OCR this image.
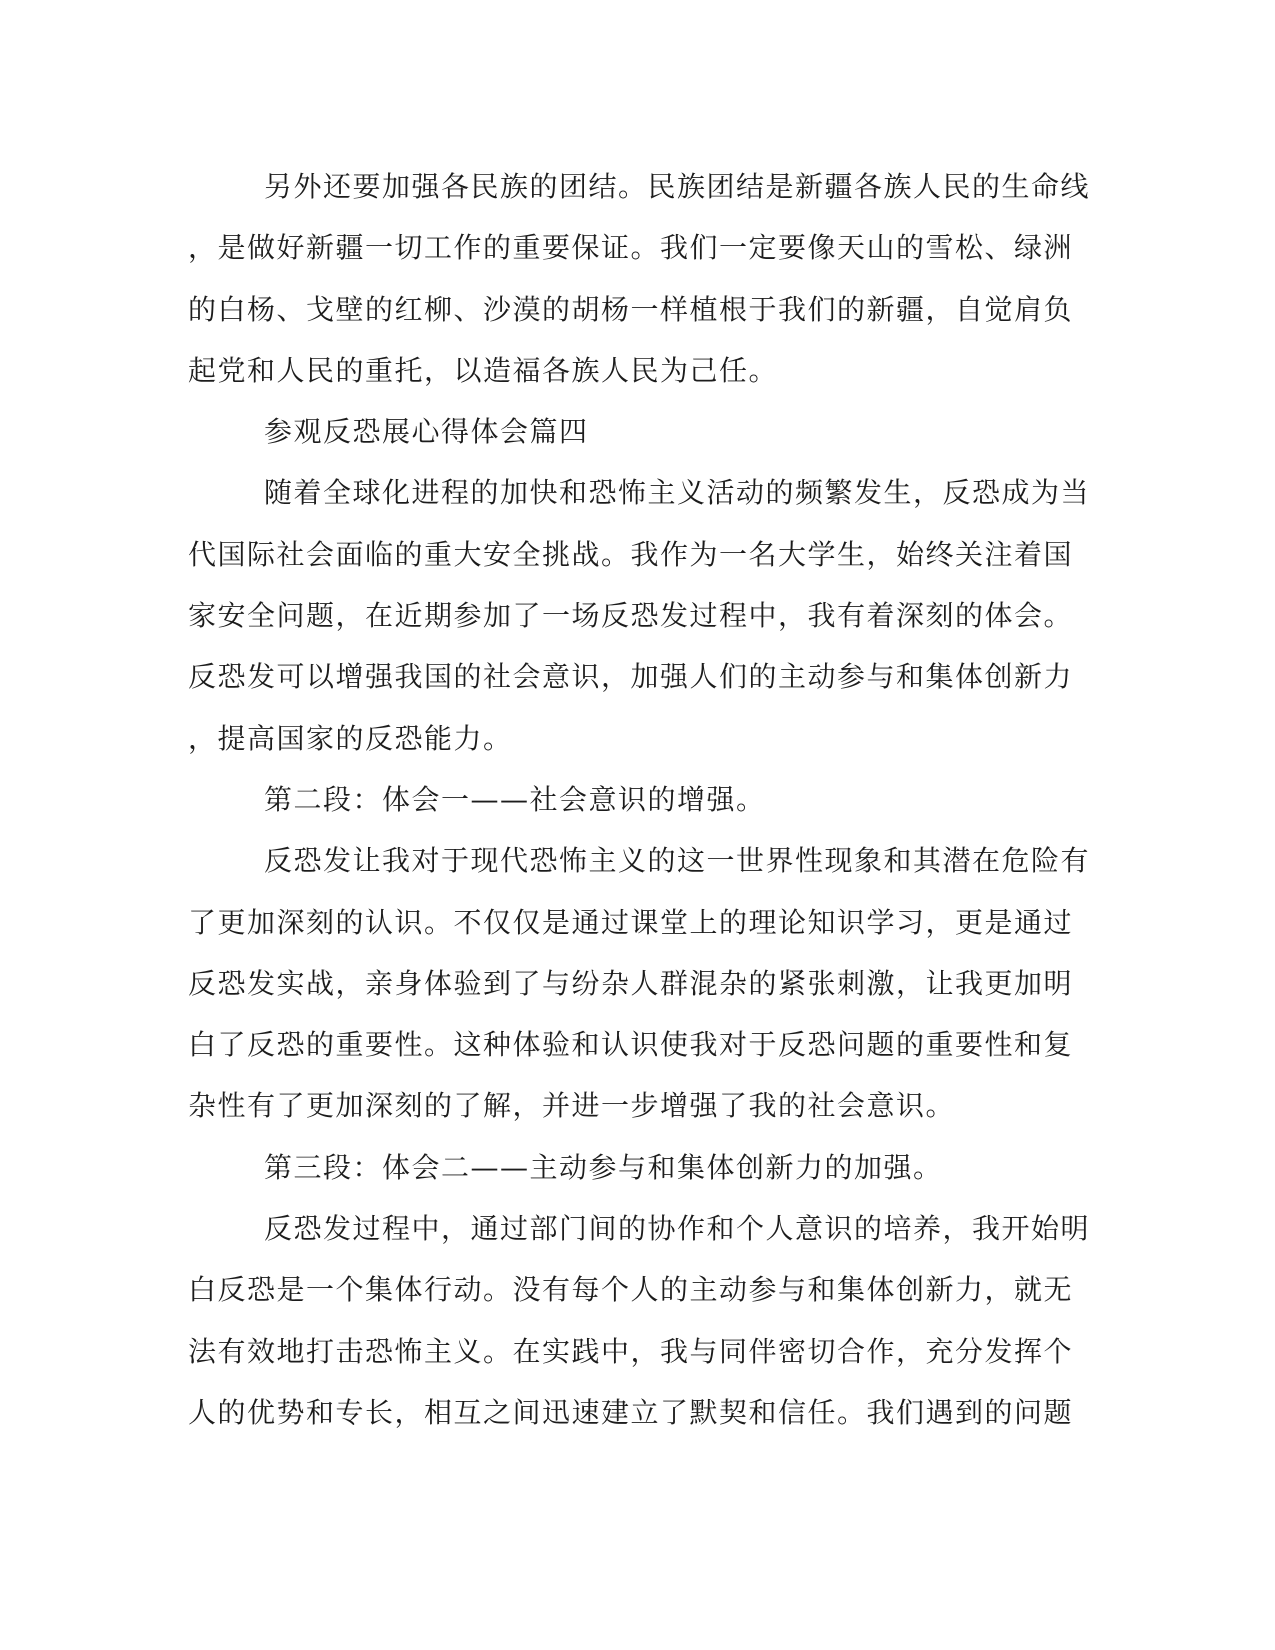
另外还要加强各民族的团结。民族团结是新疆各族人民的生命线
，是做好新疆一切工作的重要保证。我们一定要像天山的雪松、绿洲
的白杨、戈壁的红柳、沙漠的胡杨一样植根于我们的新疆，自觉肩负
起党和人民的重托，以造福各族人民为己任。
参观反恐展心得体会篇四
随着全球化进程的加快和恐怖主义活动的频繁发生，反恐成为当
代国际社会面临的重大安全挑战。我作为一名大学生，始终关注着国
家安全问题，在近期参加了一场反恐发过程中，我有着深刻的体会。
反恐发可以增强我国的社会意识，加强人们的主动参与和集体创新力
，提高国家的反恐能力。
第二段：体会一——社会意识的增强。
反恐发让我对于现代恐怖主义的这一世界性现象和其潜在危险有
了更加深刻的认识。不仅仅是通过课堂上的理论知识学习，更是通过
反恐发实战，亲身体验到了与纷杂人群混杂的紧张刺激，让我更加明
白了反恐的重要性。这种体验和认识使我对于反恐问题的重要性和复
杂性有了更加深刻的了解，并进一步增强了我的社会意识。
第三段：体会二——主动参与和集体创新力的加强。
反恐发过程中，通过部门间的协作和个人意识的培养，我开始明
白反恐是一个集体行动。没有每个人的主动参与和集体创新力，就无
法有效地打击恐怖主义。在实践中，我与同伴密切合作，充分发挥个
人的优势和专长，相互之间迅速建立了默契和信任。我们遇到的问题
